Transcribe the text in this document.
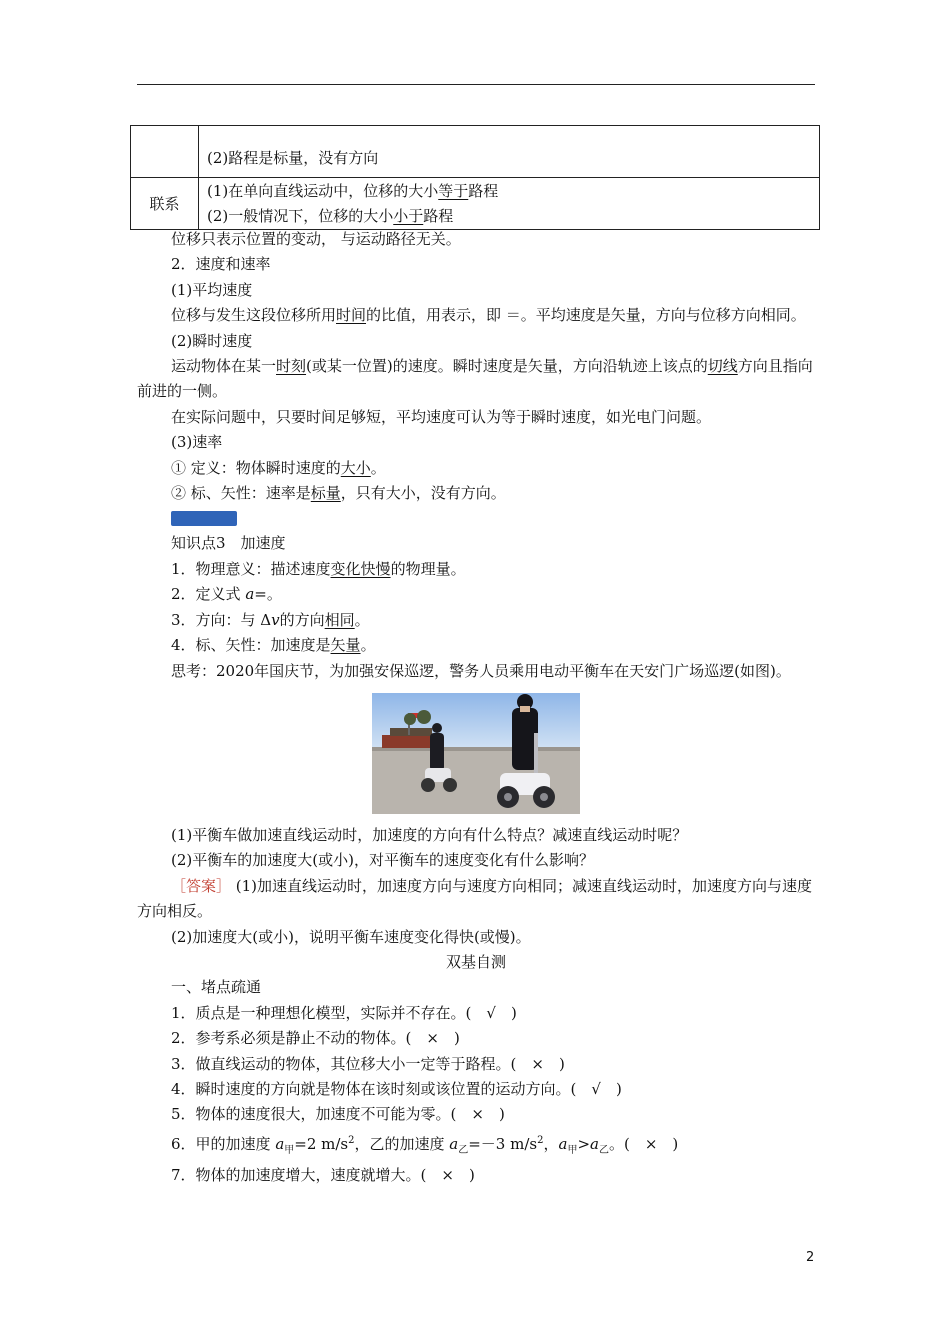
	(2)路程是标量，没有方向
联系	(1)在单向直线运动中，位移的大小等于路程
(2)一般情况下，位移的大小小于路程

位移只表示位置的变动， 与运动路径无关。

2．速度和速率

(1)平均速度

位移与发生这段位移所用时间的比值，用表示，即 ＝。平均速度是矢量，方向与位移方向相同。

(2)瞬时速度

运动物体在某一时刻(或某一位置)的速度。瞬时速度是矢量，方向沿轨迹上该点的切线方向且指向前进的一侧。

在实际问题中，只要时间足够短，平均速度可认为等于瞬时速度，如光电门问题。

(3)速率

① 定义：物体瞬时速度的大小。

② 标、矢性：速率是标量，只有大小，没有方向。

知识点3　加速度

1．物理意义：描述速度变化快慢的物理量。

2．定义式 a=。

3．方向：与 Δv的方向相同。

4．标、矢性：加速度是矢量。

思考：2020年国庆节，为加强安保巡逻，警务人员乘用电动平衡车在天安门广场巡逻(如图)。

(1)平衡车做加速直线运动时，加速度的方向有什么特点？减速直线运动时呢？

(2)平衡车的加速度大(或小)，对平衡车的速度变化有什么影响？

［答案］ (1)加速直线运动时，加速度方向与速度方向相同；减速直线运动时，加速度方向与速度方向相反。

(2)加速度大(或小)，说明平衡车速度变化得快(或慢)。

双基自测

一、堵点疏通

1．质点是一种理想化模型，实际并不存在。(　√　)

2．参考系必须是静止不动的物体。(　×　)

3．做直线运动的物体，其位移大小一定等于路程。(　×　)

4．瞬时速度的方向就是物体在该时刻或该位置的运动方向。(　√　)

5．物体的速度很大，加速度不可能为零。(　×　)

6．甲的加速度 $a_甲=2$ $m/s^2$，乙的加速度 $a_乙=-3$ $m/s^2$，$a_甲>a_乙$。(　×　)

7．物体的加速度增大，速度就增大。(　×　)

2
